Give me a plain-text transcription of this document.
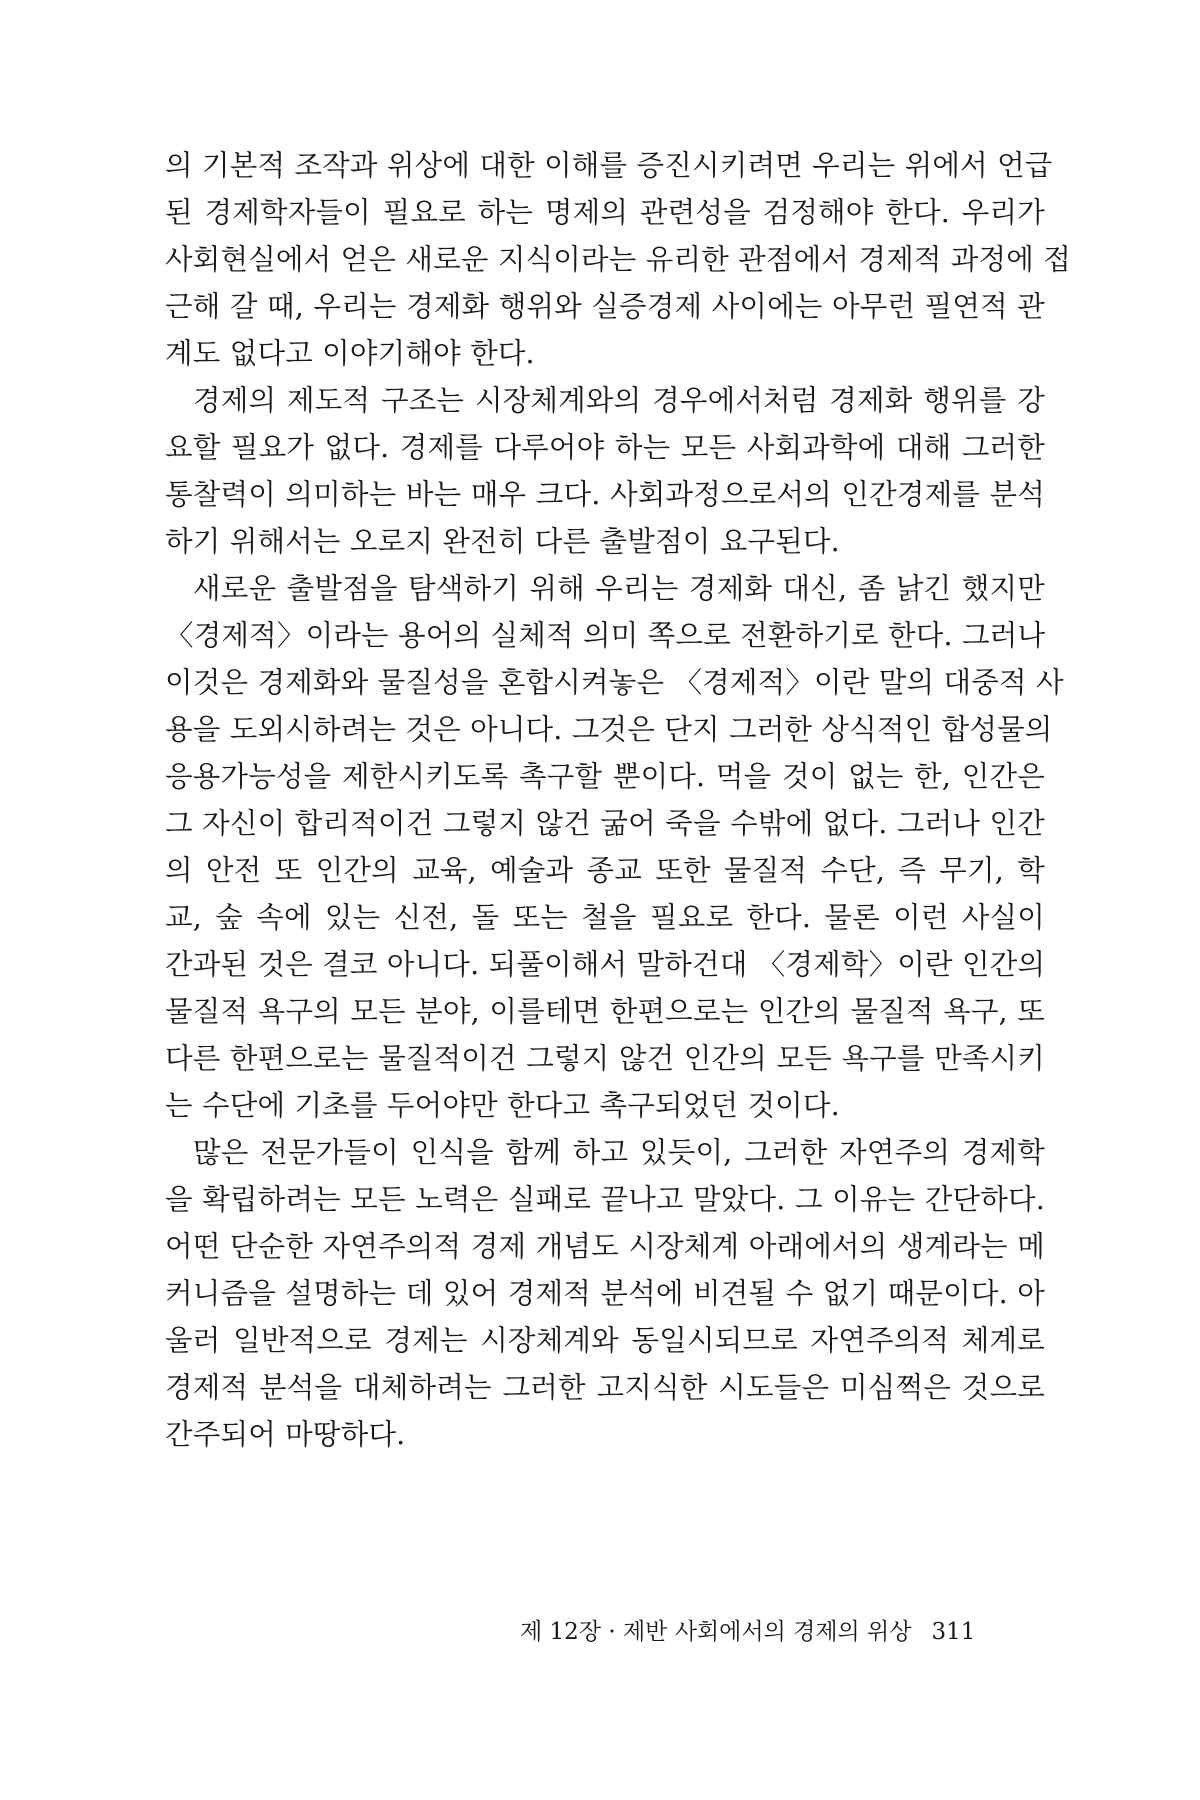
의 기본적 조작과 위상에 대한 이해를 증진시키려면 우리는 위에서 언급
된 경제학자들이 필요로 하는 명제의 관련성을 검정해야 한다. 우리가
사회현실에서 얻은 새로운 지식이라는 유리한 관점에서 경제적 과정에 접
근해 갈 때, 우리는 경제화 행위와 실증경제 사이에는 아무런 필연적 관
계도 없다고 이야기해야 한다.
경제의 제도적 구조는 시장체계와의 경우에서처럼 경제화 행위를 강
요할 필요가 없다. 경제를 다루어야 하는 모든 사회과학에 대해 그러한
통찰력이 의미하는 바는 매우 크다. 사회과정으로서의 인간경제를 분석
하기 위해서는 오로지 완전히 다른 출발점이 요구된다.
새로운 출발점을 탐색하기 위해 우리는 경제화 대신, 좀 낡긴 했지만
〈경제적〉이라는 용어의 실체적 의미 쪽으로 전환하기로 한다. 그러나
이것은 경제화와 물질성을 혼합시켜놓은 〈경제적〉이란 말의 대중적 사
용을 도외시하려는 것은 아니다. 그것은 단지 그러한 상식적인 합성물의
응용가능성을 제한시키도록 촉구할 뿐이다. 먹을 것이 없는 한, 인간은
그 자신이 합리적이건 그렇지 않건 굶어 죽을 수밖에 없다. 그러나 인간
의 안전 또 인간의 교육, 예술과 종교 또한 물질적 수단, 즉 무기, 학
교, 숲 속에 있는 신전, 돌 또는 철을 필요로 한다. 물론 이런 사실이
간과된 것은 결코 아니다. 되풀이해서 말하건대 〈경제학〉이란 인간의
물질적 욕구의 모든 분야, 이를테면 한편으로는 인간의 물질적 욕구, 또
다른 한편으로는 물질적이건 그렇지 않건 인간의 모든 욕구를 만족시키
는 수단에 기초를 두어야만 한다고 촉구되었던 것이다.
많은 전문가들이 인식을 함께 하고 있듯이, 그러한 자연주의 경제학
을 확립하려는 모든 노력은 실패로 끝나고 말았다. 그 이유는 간단하다.
어떤 단순한 자연주의적 경제 개념도 시장체계 아래에서의 생계라는 메
커니즘을 설명하는 데 있어 경제적 분석에 비견될 수 없기 때문이다. 아
울러 일반적으로 경제는 시장체계와 동일시되므로 자연주의적 체계로
경제적 분석을 대체하려는 그러한 고지식한 시도들은 미심쩍은 것으로
간주되어 마땅하다.
제 12장 · 제반 사회에서의 경제의 위상 311
